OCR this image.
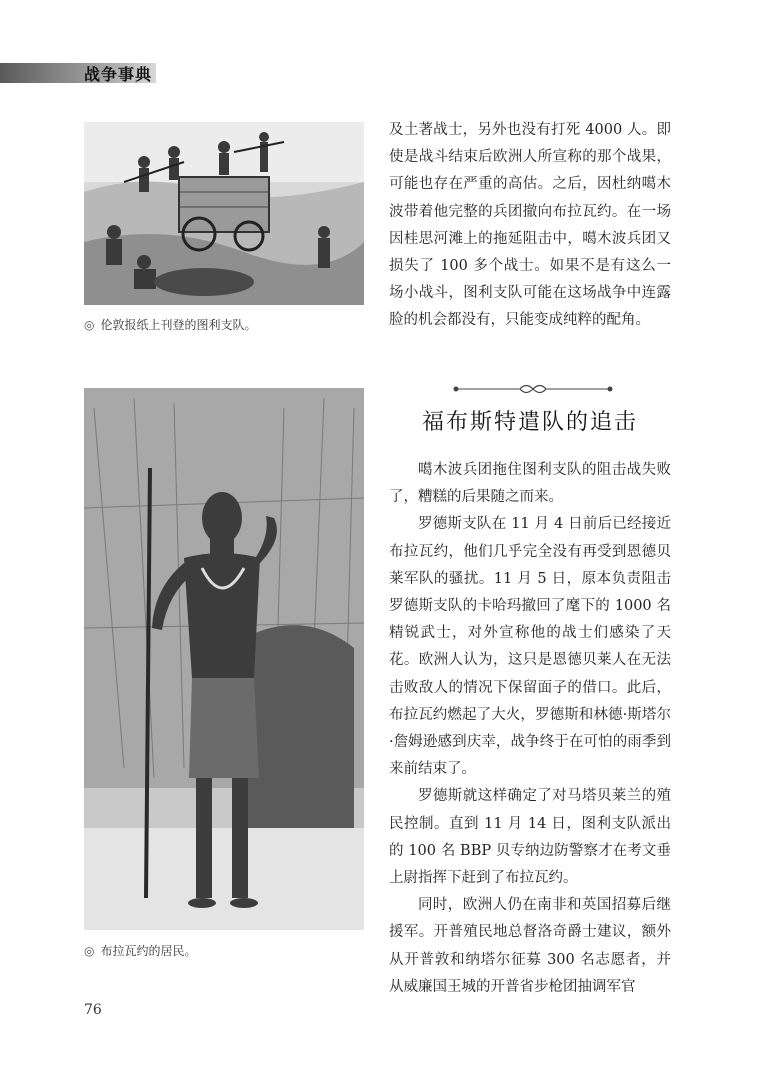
战争事典
◎ 伦敦报纸上刊登的图利支队。

及土著战士，另外也没有打死 4000 人。即使是战斗结束后欧洲人所宣称的那个战果，可能也存在严重的高估。之后，因杜纳噶木波带着他完整的兵团撤向布拉瓦约。在一场因桂思河滩上的拖延阻击中，噶木波兵团又损失了 100 多个战士。如果不是有这么一场小战斗，图利支队可能在这场战争中连露脸的机会都没有，只能变成纯粹的配角。

◎ 布拉瓦约的居民。
福布斯特遣队的追击

噶木波兵团拖住图利支队的阻击战失败了，糟糕的后果随之而来。

罗德斯支队在 11 月 4 日前后已经接近布拉瓦约，他们几乎完全没有再受到恩德贝莱军队的骚扰。11 月 5 日，原本负责阻击罗德斯支队的卡哈玛撤回了麾下的 1000 名精锐武士，对外宣称他的战士们感染了天花。欧洲人认为，这只是恩德贝莱人在无法击败敌人的情况下保留面子的借口。此后，布拉瓦约燃起了大火，罗德斯和林德·斯塔尔·詹姆逊感到庆幸，战争终于在可怕的雨季到来前结束了。

罗德斯就这样确定了对马塔贝莱兰的殖民控制。直到 11 月 14 日，图利支队派出的 100 名 BBP 贝专纳边防警察才在考文垂上尉指挥下赶到了布拉瓦约。

同时，欧洲人仍在南非和英国招募后继援军。开普殖民地总督洛奇爵士建议，额外从开普敦和纳塔尔征募 300 名志愿者，并从威廉国王城的开普省步枪团抽调军官

76
